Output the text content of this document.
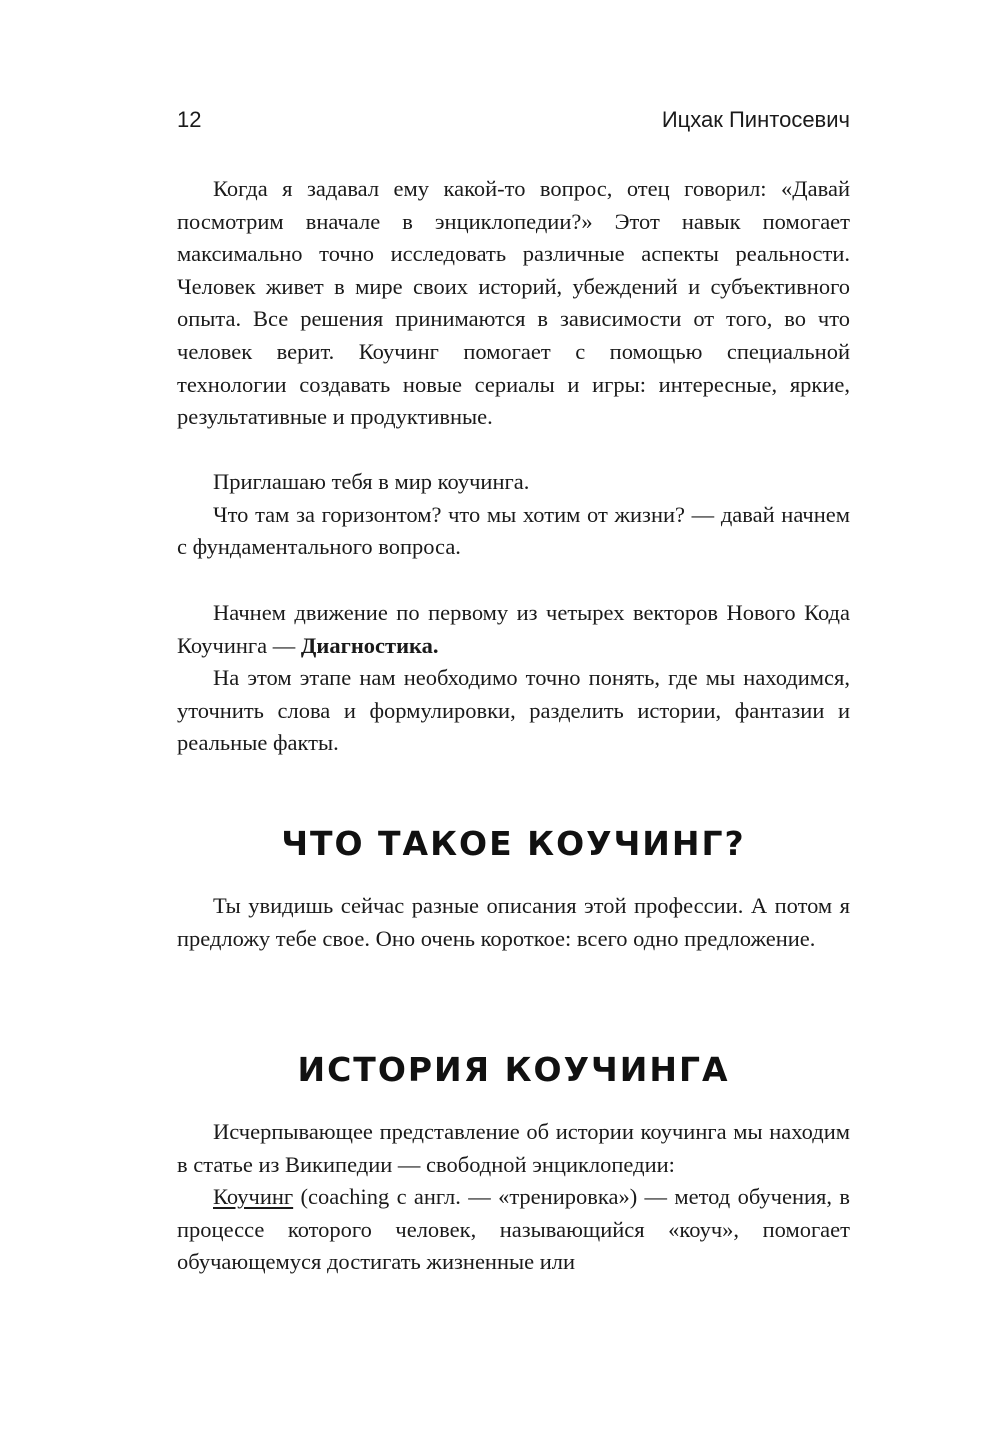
12	Ицхак Пинтосевич

Когда я задавал ему какой-то вопрос, отец говорил: «Давай посмотрим вначале в энциклопедии?» Этот навык помогает максимально точно исследовать различные аспекты реальности. Человек живет в мире своих историй, убеждений и субъективного опыта. Все решения принимаются в зависимости от того, во что человек верит. Коучинг помогает с помощью специальной технологии создавать новые сериалы и игры: интересные, яркие, результативные и продуктивные.

Приглашаю тебя в мир коучинга.

Что там за горизонтом? что мы хотим от жизни? — давай начнем с фундаментального вопроса.

Начнем движение по первому из четырех векторов Нового Кода Коучинга — Диагностика.

На этом этапе нам необходимо точно понять, где мы находимся, уточнить слова и формулировки, разделить истории, фантазии и реальные факты.

ЧТО ТАКОЕ КОУЧИНГ?

Ты увидишь сейчас разные описания этой профессии. А потом я предложу тебе свое. Оно очень короткое: всего одно предложение.

ИСТОРИЯ КОУЧИНГА

Исчерпывающее представление об истории коучинга мы находим в статье из Википедии — свободной энциклопедии:

Коучинг (coaching с англ. — «тренировка») — метод обучения, в процессе которого человек, называющийся «коуч», помогает обучающемуся достигать жизненные или
